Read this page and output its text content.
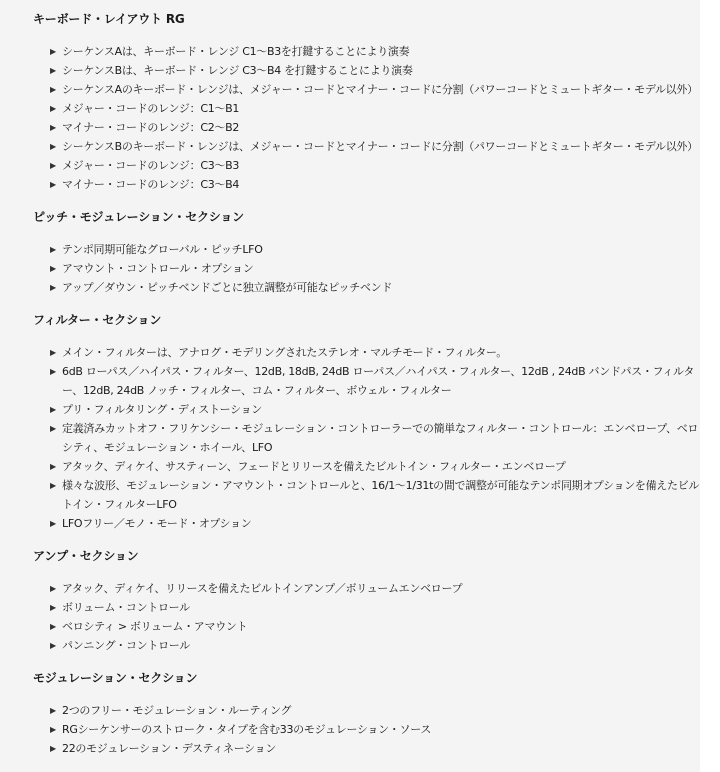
キーボード・レイアウト RG
▶ シーケンスAは、キーボード・レンジ C1〜B3を打鍵することにより演奏
▶ シーケンスBは、キーボード・レンジ C3〜B4 を打鍵することにより演奏
▶ シーケンスAのキーボード・レンジは、メジャー・コードとマイナー・コードに分割（パワーコードとミュートギター・モデル以外）
▶ メジャー・コードのレンジ：C1〜B1
▶ マイナー・コードのレンジ：C2〜B2
▶ シーケンスBのキーボード・レンジは、メジャー・コードとマイナー・コードに分割（パワーコードとミュートギター・モデル以外）
▶ メジャー・コードのレンジ：C3〜B3
▶ マイナー・コードのレンジ：C3〜B4
ピッチ・モジュレーション・セクション
▶ テンポ同期可能なグローバル・ピッチLFO
▶ アマウント・コントロール・オプション
▶ アップ／ダウン・ピッチベンドごとに独立調整が可能なピッチベンド
フィルター・セクション
▶ メイン・フィルターは、アナログ・モデリングされたステレオ・マルチモード・フィルター。
▶ 6dB ローパス／ハイパス・フィルター、12dB, 18dB, 24dB ローパス／ハイパス・フィルター、12dB , 24dB バンドパス・フィルター、12dB, 24dB ノッチ・フィルター、コム・フィルター、ボウェル・フィルター
▶ プリ・フィルタリング・ディストーション
▶ 定義済みカットオフ・フリケンシー・モジュレーション・コントローラーでの簡単なフィルター・コントロール：エンベロープ、ベロシティ、モジュレーション・ホイール、LFO
▶ アタック、ディケイ、サスティーン、フェードとリリースを備えたビルトイン・フィルター・エンベロープ
▶ 様々な波形、モジュレーション・アマウント・コントロールと、16/1〜1/31tの間で調整が可能なテンポ同期オプションを備えたビルトイン・フィルターLFO
▶ LFOフリー／モノ・モード・オプション
アンプ・セクション
▶ アタック、ディケイ、リリースを備えたビルトインアンプ／ボリュームエンベロープ
▶ ボリューム・コントロール
▶ ベロシティ > ボリューム・アマウント
▶ パンニング・コントロール
モジュレーション・セクション
▶ 2つのフリー・モジュレーション・ルーティング
▶ RGシーケンサーのストローク・タイプを含む33のモジュレーション・ソース
▶ 22のモジュレーション・デスティネーション
